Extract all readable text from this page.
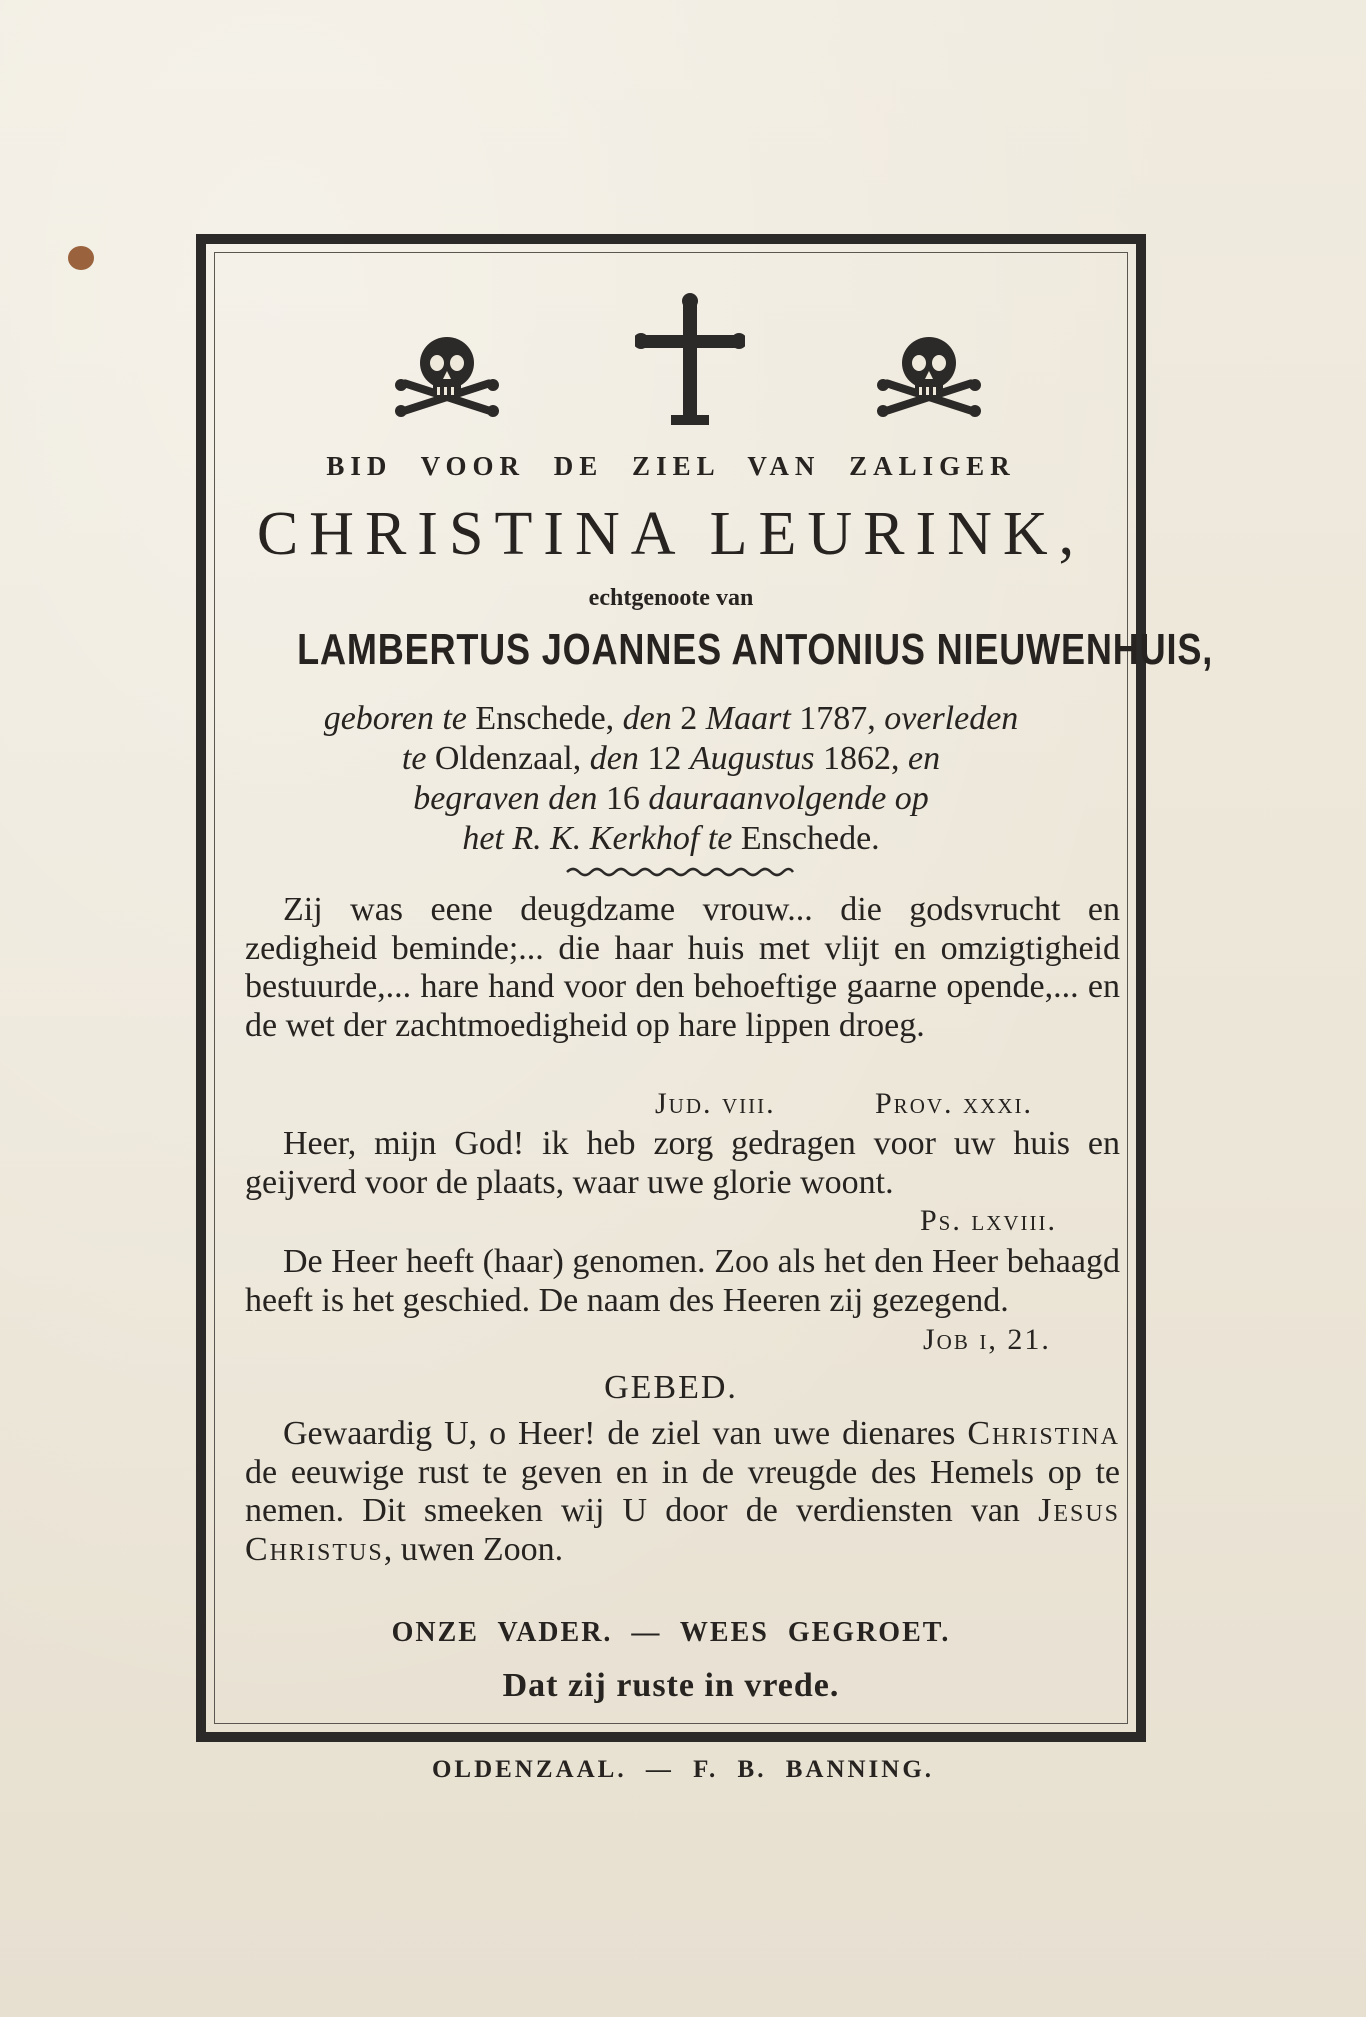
BID VOOR DE ZIEL VAN ZALIGER
CHRISTINA LEURINK,
echtgenoote van
LAMBERTUS JOANNES ANTONIUS NIEUWENHUIS,
geboren te Enschede, den 2 Maart 1787, overleden
te Oldenzaal, den 12 Augustus 1862, en
begraven den 16 dauraanvolgende op
het R. K. Kerkhof te Enschede.

Zij was eene deugdzame vrouw... die godsvrucht en zedigheid beminde;... die haar huis met vlijt en omzigtigheid bestuurde,... hare hand voor den behoeftige gaarne opende,... en de wet der zachtmoedigheid op hare lippen droeg.

Jud. viii.	Prov. xxxi.

Heer, mijn God! ik heb zorg gedragen voor uw huis en geijverd voor de plaats, waar uwe glorie woont.

Ps. lxviii.

De Heer heeft (haar) genomen. Zoo als het den Heer behaagd heeft is het geschied. De naam des Heeren zij gezegend.

Job i, 21.
GEBED.

Gewaardig U, o Heer! de ziel van uwe dienares Christina de eeuwige rust te geven en in de vreugde des Hemels op te nemen. Dit smeeken wij U door de verdiensten van Jesus Christus, uwen Zoon.

ONZE VADER. — WEES GEGROET.
Dat zij ruste in vrede.
OLDENZAAL. — F. B. BANNING.
